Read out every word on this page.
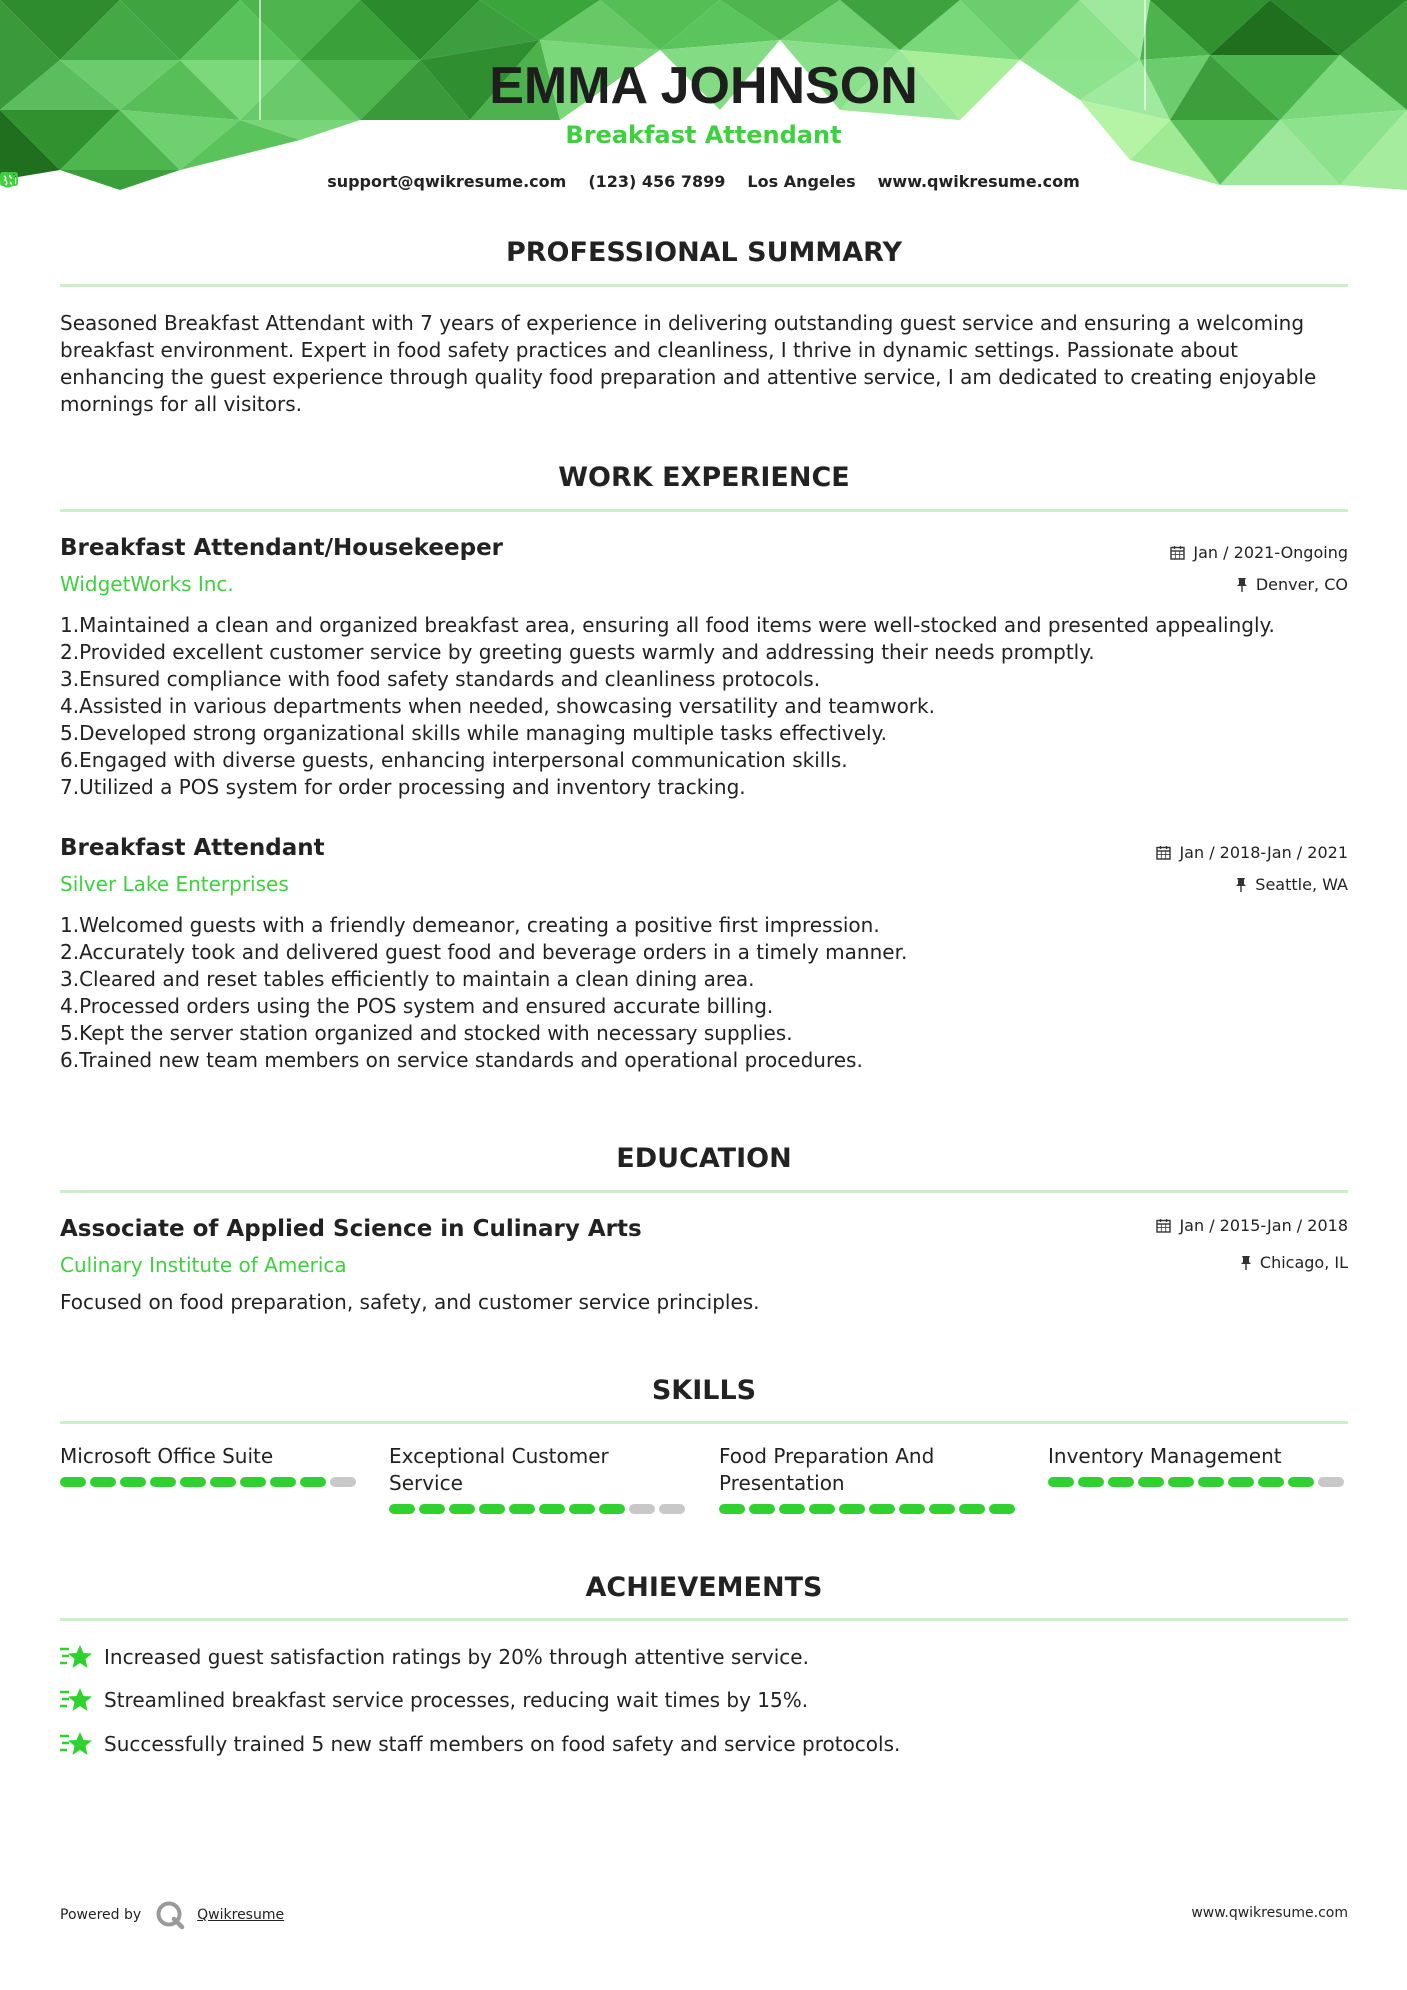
EMMA JOHNSON
Breakfast Attendant
support@qwikresume.com (123) 456 7899 Los Angeles www.qwikresume.com
PROFESSIONAL SUMMARY
Seasoned Breakfast Attendant with 7 years of experience in delivering outstanding guest service and ensuring a welcoming breakfast environment. Expert in food safety practices and cleanliness, I thrive in dynamic settings. Passionate about enhancing the guest experience through quality food preparation and attentive service, I am dedicated to creating enjoyable mornings for all visitors.
WORK EXPERIENCE
Breakfast Attendant/Housekeeper	Jan / 2021-Ongoing
WidgetWorks Inc.	Denver, CO
1.Maintained a clean and organized breakfast area, ensuring all food items were well-stocked and presented appealingly.
2.Provided excellent customer service by greeting guests warmly and addressing their needs promptly.
3.Ensured compliance with food safety standards and cleanliness protocols.
4.Assisted in various departments when needed, showcasing versatility and teamwork.
5.Developed strong organizational skills while managing multiple tasks effectively.
6.Engaged with diverse guests, enhancing interpersonal communication skills.
7.Utilized a POS system for order processing and inventory tracking.
Breakfast Attendant	Jan / 2018-Jan / 2021
Silver Lake Enterprises	Seattle, WA
1.Welcomed guests with a friendly demeanor, creating a positive first impression.
2.Accurately took and delivered guest food and beverage orders in a timely manner.
3.Cleared and reset tables efficiently to maintain a clean dining area.
4.Processed orders using the POS system and ensured accurate billing.
5.Kept the server station organized and stocked with necessary supplies.
6.Trained new team members on service standards and operational procedures.
EDUCATION
Associate of Applied Science in Culinary Arts	Jan / 2015-Jan / 2018
Culinary Institute of America	Chicago, IL
Focused on food preparation, safety, and customer service principles.
SKILLS
Microsoft Office Suite	Exceptional Customer Service
Food Preparation And Presentation
Inventory Management
ACHIEVEMENTS
Increased guest satisfaction ratings by 20% through attentive service.
Streamlined breakfast service processes, reducing wait times by 15%.
Successfully trained 5 new staff members on food safety and service protocols.
Powered by	Qwikresume	www.qwikresume.com
